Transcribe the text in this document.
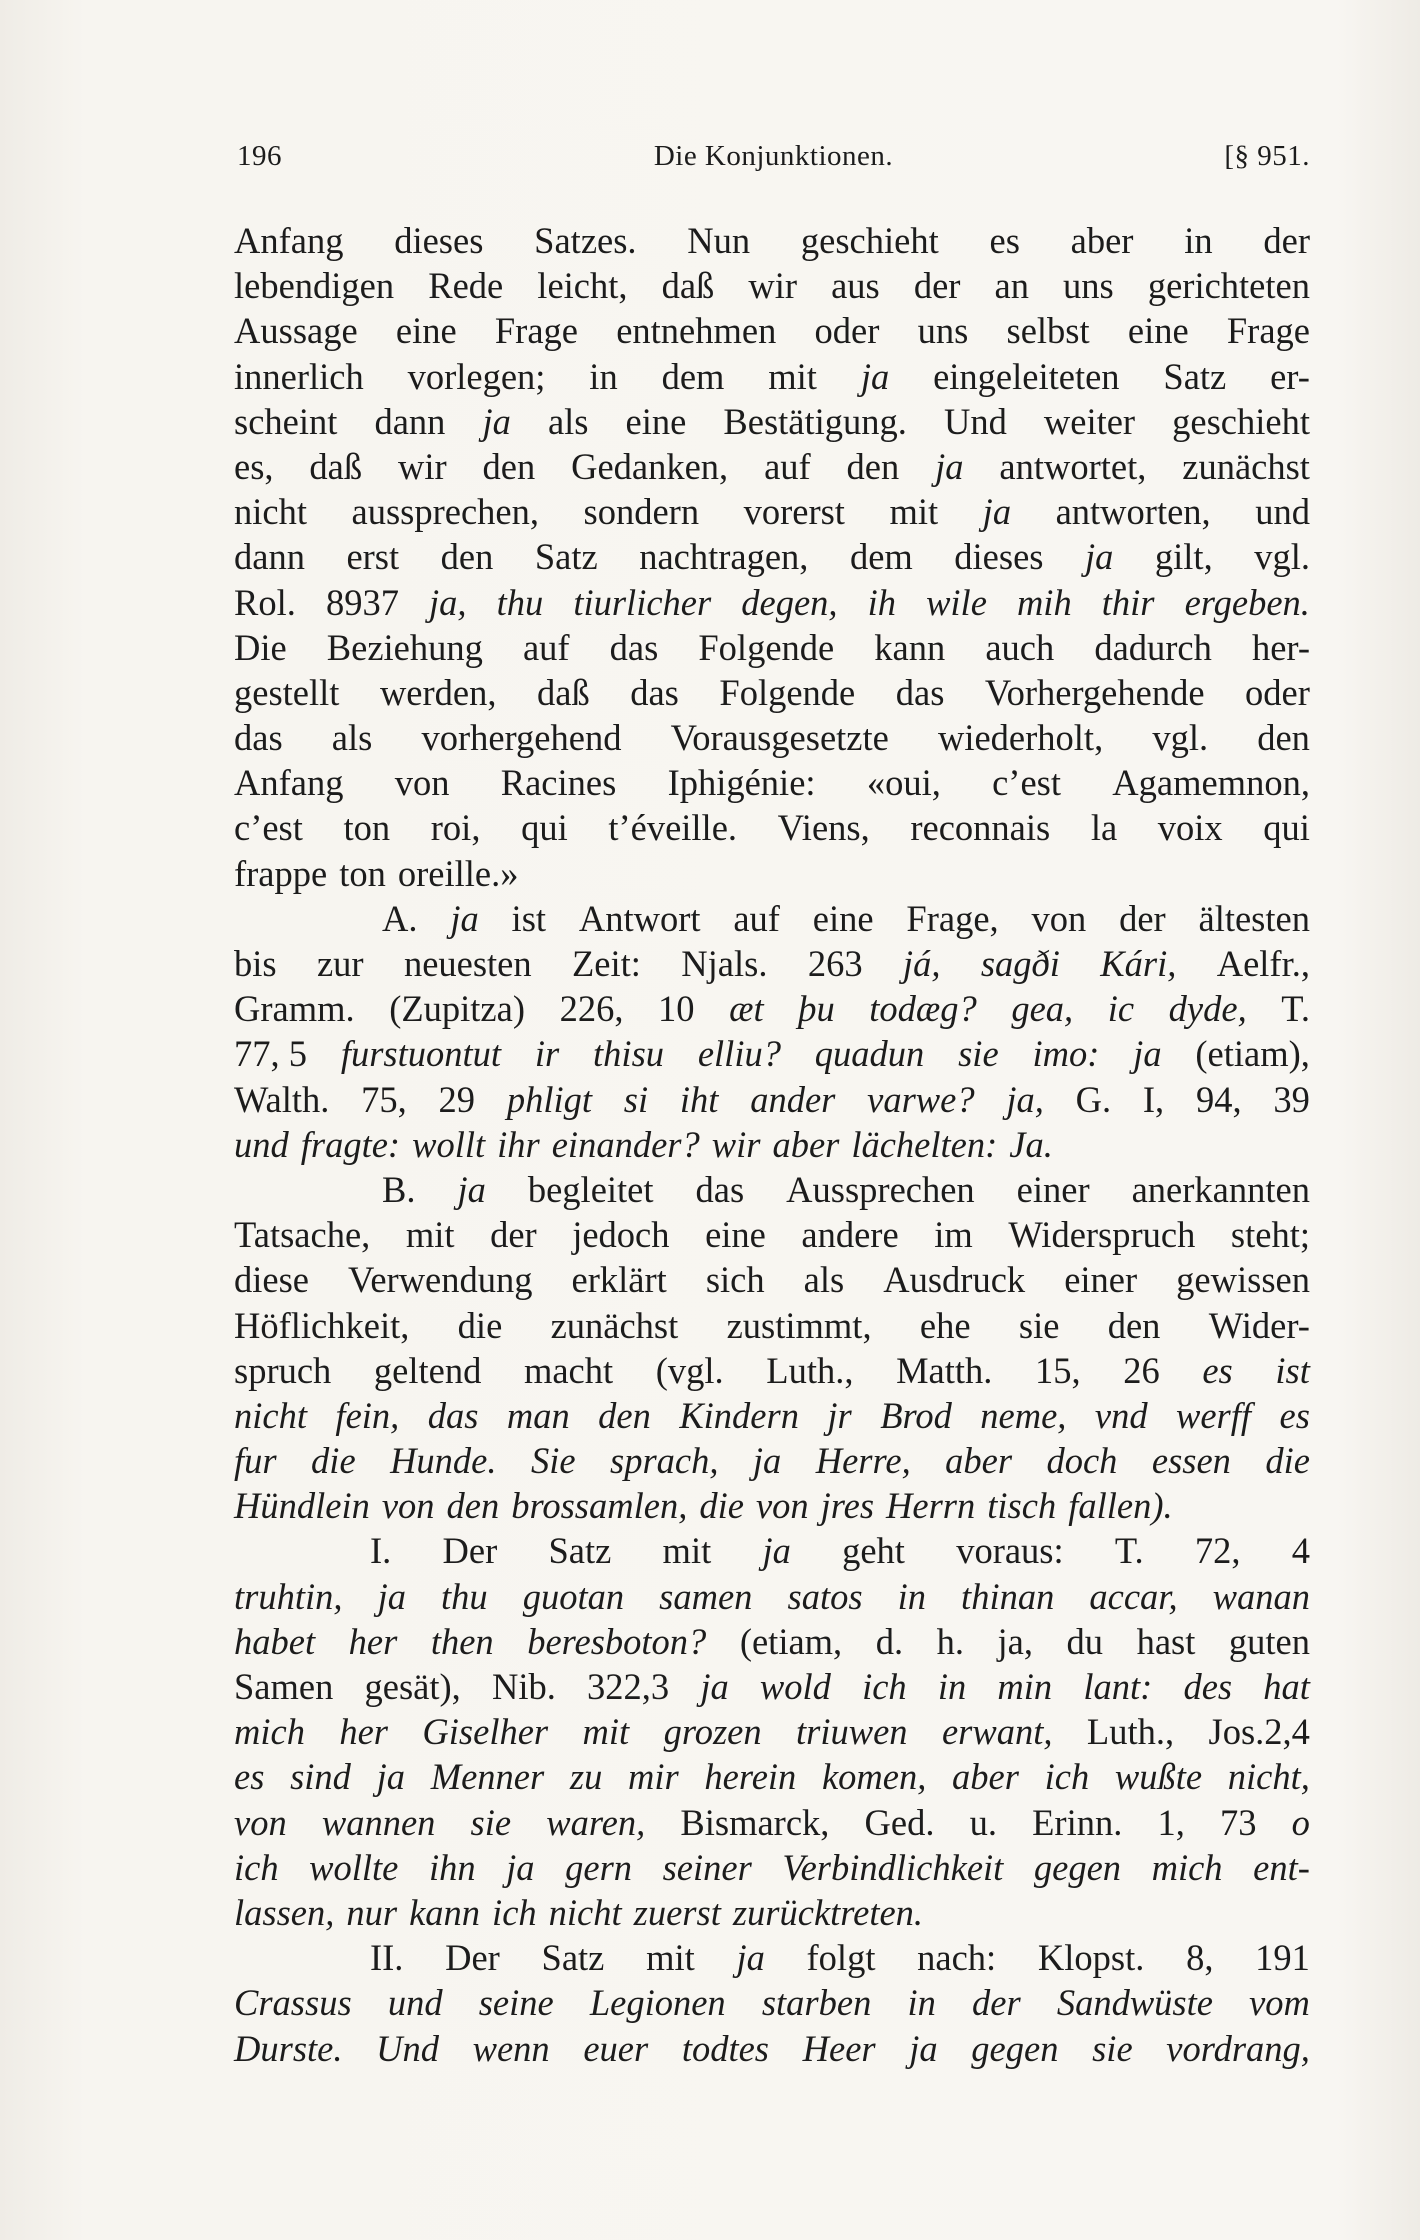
196	Die Konjunktionen.	[§ 951.
Anfang dieses Satzes. Nun geschieht es aber in der
lebendigen Rede leicht, daß wir aus der an uns gerichteten
Aussage eine Frage entnehmen oder uns selbst eine Frage
innerlich vorlegen; in dem mit ja eingeleiteten Satz er-
scheint dann ja als eine Bestätigung. Und weiter geschieht
es, daß wir den Gedanken, auf den ja antwortet, zunächst
nicht aussprechen, sondern vorerst mit ja antworten, und
dann erst den Satz nachtragen, dem dieses ja gilt, vgl.
Rol. 8937 ja, thu tiurlicher degen, ih wile mih thir ergeben.
Die Beziehung auf das Folgende kann auch dadurch her-
gestellt werden, daß das Folgende das Vorhergehende oder
das als vorhergehend Vorausgesetzte wiederholt, vgl. den
Anfang von Racines Iphigénie: «oui, c’est Agamemnon,
c’est ton roi, qui t’éveille. Viens, reconnais la voix qui
frappe ton oreille.»
A. ja ist Antwort auf eine Frage, von der ältesten
bis zur neuesten Zeit: Njals. 263 já, sagði Kári, Aelfr.,
Gramm. (Zupitza) 226, 10 æt þu todæg? gea, ic dyde, T.
77, 5 furstuontut ir thisu elliu? quadun sie imo: ja (etiam),
Walth. 75, 29 phligt si iht ander varwe? ja, G. I, 94, 39
und fragte: wollt ihr einander? wir aber lächelten: Ja.
B. ja begleitet das Aussprechen einer anerkannten
Tatsache, mit der jedoch eine andere im Widerspruch steht;
diese Verwendung erklärt sich als Ausdruck einer gewissen
Höflichkeit, die zunächst zustimmt, ehe sie den Wider-
spruch geltend macht (vgl. Luth., Matth. 15, 26 es ist
nicht fein, das man den Kindern jr Brod neme, vnd werff es
fur die Hunde. Sie sprach, ja Herre, aber doch essen die
Hündlein von den brossamlen, die von jres Herrn tisch fallen).
I. Der Satz mit ja geht voraus: T. 72, 4
truhtin, ja thu guotan samen satos in thinan accar, wanan
habet her then beresboton? (etiam, d. h. ja, du hast guten
Samen gesät), Nib. 322,3 ja wold ich in min lant: des hat
mich her Giselher mit grozen triuwen erwant, Luth., Jos.2,4
es sind ja Menner zu mir herein komen, aber ich wußte nicht,
von wannen sie waren, Bismarck, Ged. u. Erinn. 1, 73 o
ich wollte ihn ja gern seiner Verbindlichkeit gegen mich ent-
lassen, nur kann ich nicht zuerst zurücktreten.
II. Der Satz mit ja folgt nach: Klopst. 8, 191
Crassus und seine Legionen starben in der Sandwüste vom
Durste. Und wenn euer todtes Heer ja gegen sie vordrang,
